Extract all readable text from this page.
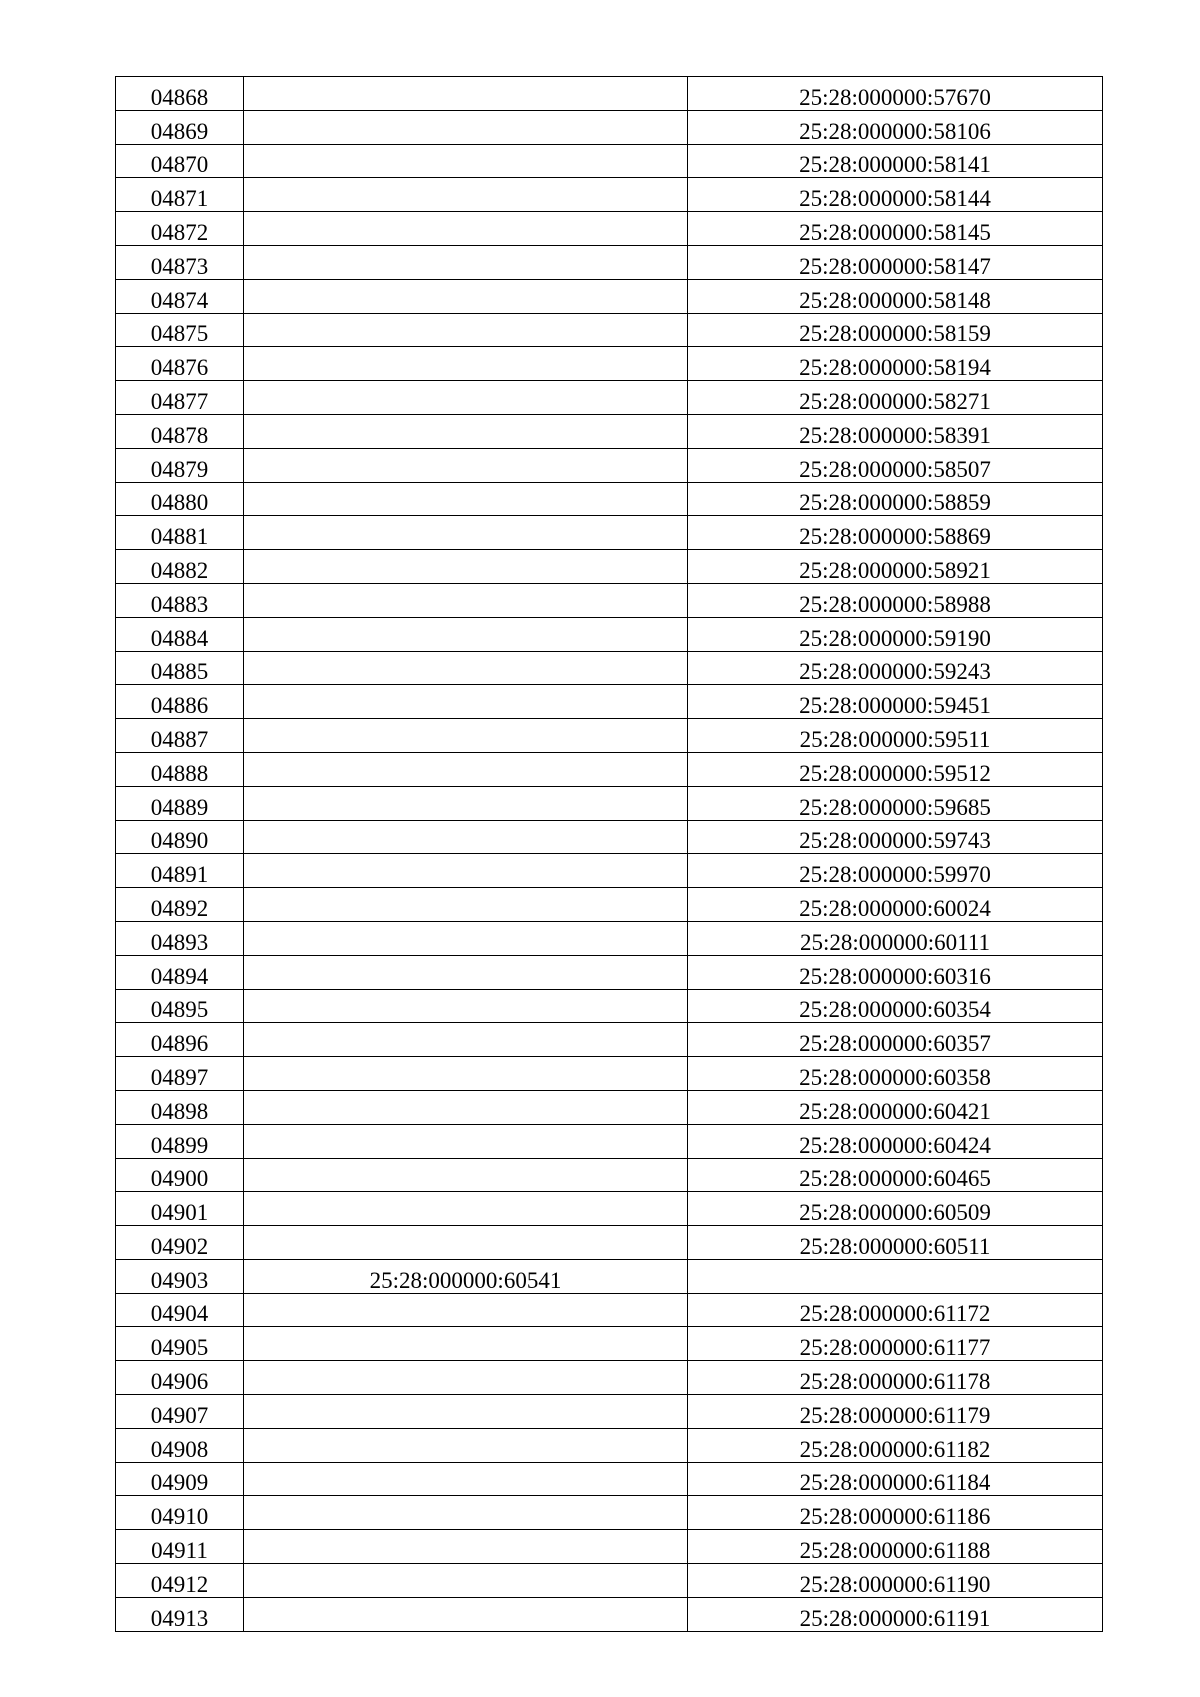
04868		25:28:000000:57670
04869		25:28:000000:58106
04870		25:28:000000:58141
04871		25:28:000000:58144
04872		25:28:000000:58145
04873		25:28:000000:58147
04874		25:28:000000:58148
04875		25:28:000000:58159
04876		25:28:000000:58194
04877		25:28:000000:58271
04878		25:28:000000:58391
04879		25:28:000000:58507
04880		25:28:000000:58859
04881		25:28:000000:58869
04882		25:28:000000:58921
04883		25:28:000000:58988
04884		25:28:000000:59190
04885		25:28:000000:59243
04886		25:28:000000:59451
04887		25:28:000000:59511
04888		25:28:000000:59512
04889		25:28:000000:59685
04890		25:28:000000:59743
04891		25:28:000000:59970
04892		25:28:000000:60024
04893		25:28:000000:60111
04894		25:28:000000:60316
04895		25:28:000000:60354
04896		25:28:000000:60357
04897		25:28:000000:60358
04898		25:28:000000:60421
04899		25:28:000000:60424
04900		25:28:000000:60465
04901		25:28:000000:60509
04902		25:28:000000:60511
04903	25:28:000000:60541	
04904		25:28:000000:61172
04905		25:28:000000:61177
04906		25:28:000000:61178
04907		25:28:000000:61179
04908		25:28:000000:61182
04909		25:28:000000:61184
04910		25:28:000000:61186
04911		25:28:000000:61188
04912		25:28:000000:61190
04913		25:28:000000:61191
